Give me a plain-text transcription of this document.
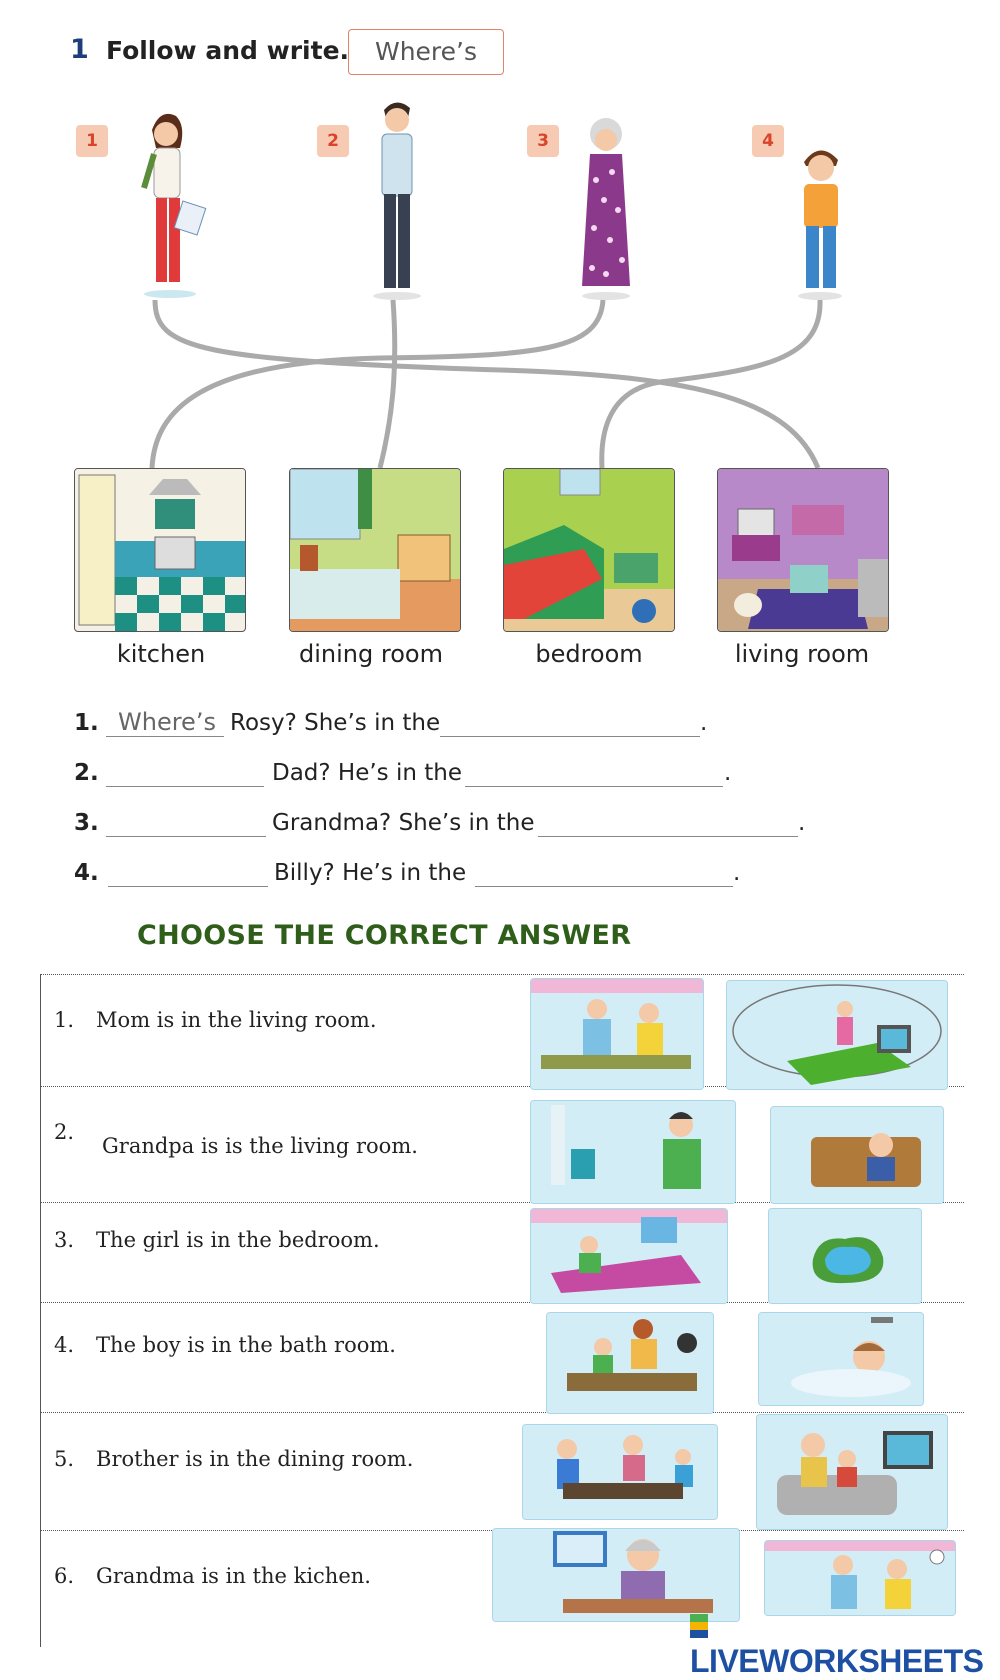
1 Follow and write.	Where’s
1	2	3	4
kitchen	dining room	bedroom	living room
1. Where’s Rosy? She’s in the	.
2.	Dad? He’s in the	.
3.	Grandma? She’s in the	.
4.	Billy? He’s in the	.
CHOOSE THE CORRECT ANSWER
1. Mom is in the living room.
2.
Grandpa is is the living room.
3. The girl is in the bedroom.
4. The boy is in the bath room.
5. Brother is in the dining room.
6. Grandma is in the kichen.
LIVEWORKSHEETS
